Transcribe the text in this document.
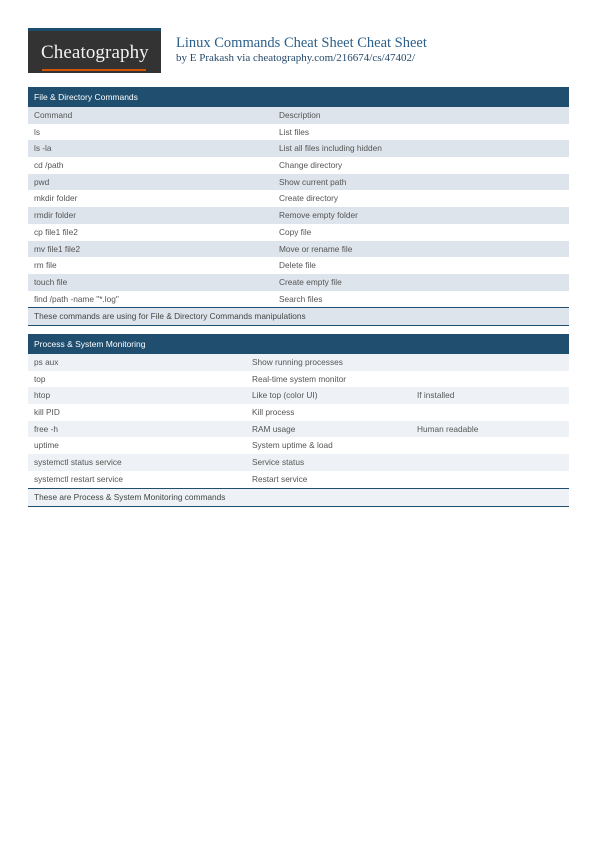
Cheatography Linux Commands Cheat Sheet Cheat Sheet
by E Prakash via cheatography.com/216674/cs/47402/
File & Directory Commands
Command	Description
ls	List files
ls -la	List all files including hidden
cd /path	Change directory
pwd	Show current path
mkdir folder	Create directory
rmdir folder	Remove empty folder
cp file1 file2	Copy file
mv file1 file2	Move or rename file
rm file	Delete file
touch file	Create empty file
find /path -name "*.log"	Search files
These commands are using for File & Directory Commands manipulations
Process & System Monitoring
ps aux	Show running processes
top	Real-time system monitor
htop	Like top (color UI)	If installed
kill PID	Kill process
free -h	RAM usage	Human readable
uptime	System uptime & load
systemctl status service	Service status
systemctl restart service	Restart service
These are Process & System Monitoring commands
